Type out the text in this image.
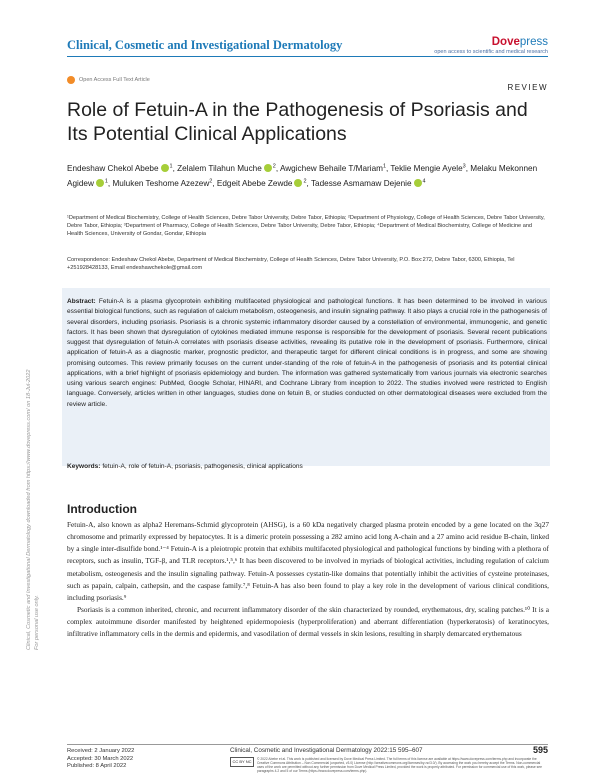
Clinical, Cosmetic and Investigational Dermatology	Dovepress
open access to scientific and medical research
Open Access Full Text Article
REVIEW
Role of Fetuin-A in the Pathogenesis of Psoriasis and Its Potential Clinical Applications
Endeshaw Chekol Abebe $^1$, Zelalem Tilahun Muche $^2$, Awgichew Behaile T/Mariam$^1$, Teklie Mengie Ayele$^3$, Melaku Mekonnen Agidew $^1$, Muluken Teshome Azezew$^2$, Edgeit Abebe Zewde $^2$, Tadesse Asmamaw Dejenie $^4$
¹Department of Medical Biochemistry, College of Health Sciences, Debre Tabor University, Debre Tabor, Ethiopia; ²Department of Physiology, College of Health Sciences, Debre Tabor University, Debre Tabor, Ethiopia; ³Department of Pharmacy, College of Health Sciences, Debre Tabor University, Debre Tabor, Ethiopia; ⁴Department of Medical Biochemistry, College of Medicine and Health Sciences, University of Gondar, Gondar, Ethiopia
Correspondence: Endeshaw Chekol Abebe, Department of Medical Biochemistry, College of Health Sciences, Debre Tabor University, P.O. Box:272, Debre Tabor, 6300, Ethiopia, Tel +251928428133, Email endeshawchekole@gmail.com
Abstract: Fetuin-A is a plasma glycoprotein exhibiting multifaceted physiological and pathological functions. It has been determined to be involved in various essential biological functions, such as regulation of calcium metabolism, osteogenesis, and insulin signaling pathway. It also plays a crucial role in the pathogenesis of several disorders, including psoriasis. Psoriasis is a chronic systemic inflammatory disorder caused by a constellation of environmental, immunogenic, and genetic factors. It has been shown that dysregulation of cytokines mediated immune response is responsible for the development of psoriasis. Several recent publications suggest that dysregulation of fetuin-A correlates with psoriasis disease activities, revealing its putative role in the development of psoriasis. Furthermore, clinical application of fetuin-A as a diagnostic marker, prognostic predictor, and therapeutic target for different clinical conditions is in progress, and some are showing promising outcomes. This review primarily focuses on the current under-standing of the role of fetuin-A in the pathogenesis of psoriasis and its potential clinical applications, with a brief highlight of psoriasis epidemiology and burden. The information was gathered systematically from various journals via electronic searches using various search engines: PubMed, Google Scholar, HINARI, and Cochrane Library from inception to 2022. The studies involved were restricted to English language. Conversely, articles written in other languages, studies done on fetuin B, or studies conducted on other dermatological diseases were excluded from the review article.
Keywords: fetuin-A, role of fetuin-A, psoriasis, pathogenesis, clinical applications
Introduction

Fetuin-A, also known as alpha2 Heremans-Schmid glycoprotein (AHSG), is a 60 kDa negatively charged plasma protein encoded by a gene located on the 3q27 chromosome and primarily expressed by hepatocytes. It is a dimeric protein possessing a 282 amino acid long A-chain and a 27 amino acid residue B-chain, linked by a single inter-disulfide bond.¹⁻⁴ Fetuin-A is a pleiotropic protein that exhibits multifaceted physiological and pathological functions by binding with a plethora of receptors, such as insulin, TGF-β, and TLR receptors.¹,⁵,⁶ It has been discovered to be involved in myriads of biological activities, including regulation of calcium metabolism, osteogenesis and the insulin signaling pathway. Fetuin-A possesses cystatin-like domains that potentially inhibit the activities of cysteine proteinases, such as papain, calpain, cathepsin, and the caspase family.⁷,⁸ Fetuin-A has also been found to play a key role in the development of various clinical conditions, including psoriasis.⁹

Psoriasis is a common inherited, chronic, and recurrent inflammatory disorder of the skin characterized by rounded, erythematous, dry, scaling patches.¹⁰ It is a complex autoimmune disorder manifested by heightened epidermopoiesis (hyperproliferation) and aberrant differentiation (hyperkeratosis) of keratinocytes, infiltrative inflammatory cells in the dermis and epidermis, and vasodilation of dermal vessels in skin lesions, resulting in sharply demarcated erythematous

Clinical, Cosmetic and Investigational Dermatology downloaded from https://www.dovepress.com/ on 18-Jul-2022 For personal use only.
Received: 2 January 2022
Accepted: 30 March 2022
Published: 8 April 2022
Clinical, Cosmetic and Investigational Dermatology 2022:15 595–607	595
CC BY NC	© 2022 Abebe et al. This work is published and licensed by Dove Medical Press Limited. The full terms of this license are available at https://www.dovepress.com/terms.php and incorporate the Creative Commons Attribution – Non Commercial (unported, v3.0) License (http://creativecommons.org/licenses/by-nc/3.0/). By accessing the work you hereby accept the Terms. Non-commercial uses of the work are permitted without any further permission from Dove Medical Press Limited, provided the work is properly attributed. For permission for commercial use of this work, please see paragraphs 4.2 and 5 of our Terms (https://www.dovepress.com/terms.php).
